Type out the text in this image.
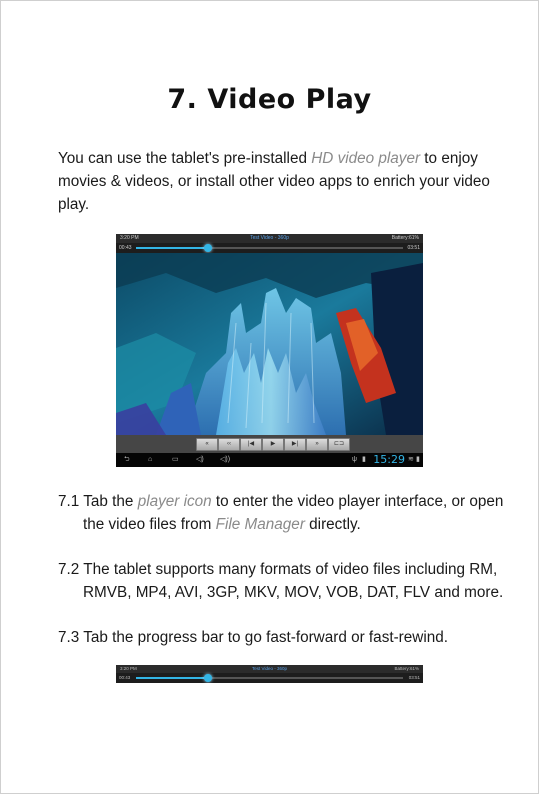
7. Video Play
You can use the tablet's pre-installed HD video player to enjoy movies & videos, or install other video apps to enrich your video play.
3:20 PM	Test Video - 360p	Battery:61%
00:43	03:51
«	‹‹	|◀	▶	▶|	»	⊏⊐
⮌	⌂	▭ ◁) ◁))	ψ ▮ 15:29 ≋ ▮
7.1 Tab the player icon to enter the video player interface, or open
the video files from File Manager directly.
7.2 The tablet supports many formats of video files including RM,
RMVB, MP4, AVI, 3GP, MKV, MOV, VOB, DAT, FLV and more.
7.3 Tab the progress bar to go fast-forward or fast-rewind.
3:20 PM	Test Video - 360p	Battery:61%
00:43	03:51
